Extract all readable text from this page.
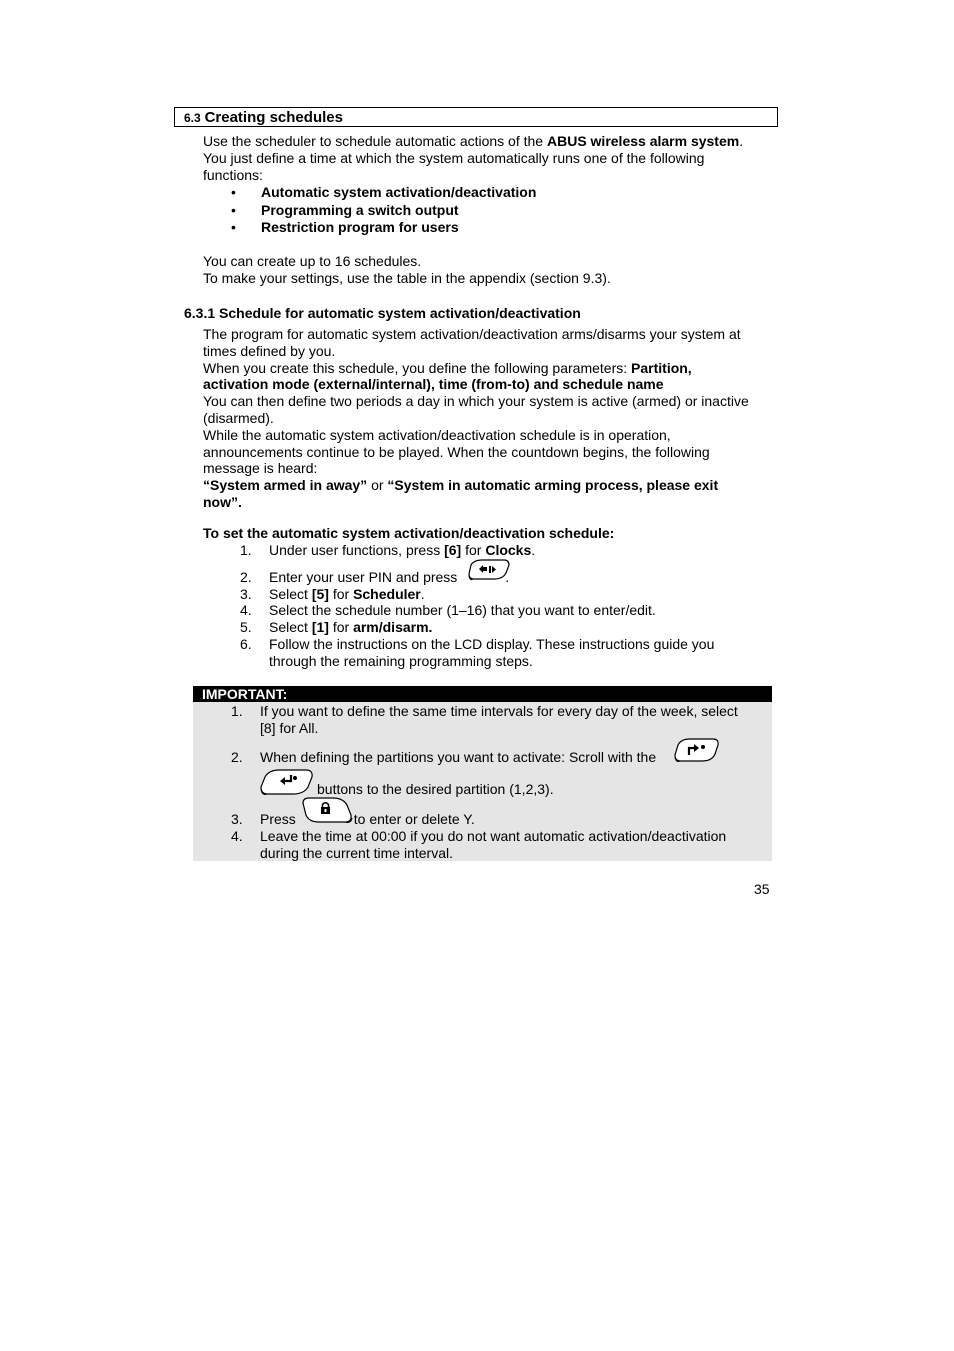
6.3 Creating schedules
Use the scheduler to schedule automatic actions of the ABUS wireless alarm system.
You just define a time at which the system automatically runs one of the following
functions:
• Automatic system activation/deactivation
• Programming a switch output
• Restriction program for users
You can create up to 16 schedules.
To make your settings, use the table in the appendix (section 9.3).
6.3.1 Schedule for automatic system activation/deactivation
The program for automatic system activation/deactivation arms/disarms your system at
times defined by you.
When you create this schedule, you define the following parameters: Partition,
activation mode (external/internal), time (from-to) and schedule name
You can then define two periods a day in which your system is active (armed) or inactive
(disarmed).
While the automatic system activation/deactivation schedule is in operation,
announcements continue to be played. When the countdown begins, the following
message is heard:
“System armed in away” or “System in automatic arming process, please exit
now”.
To set the automatic system activation/deactivation schedule:
1. Under user functions, press [6] for Clocks.
2. Enter your user PIN and press	.
3. Select [5] for Scheduler.
4. Select the schedule number (1–16) that you want to enter/edit.
5. Select [1] for arm/disarm.
6. Follow the instructions on the LCD display. These instructions guide you
through the remaining programming steps.
IMPORTANT:
1. If you want to define the same time intervals for every day of the week, select
[8] for All.
2. When defining the partitions you want to activate: Scroll with the
buttons to the desired partition (1,2,3).
3. Press	to enter or delete Y.
4. Leave the time at 00:00 if you do not want automatic activation/deactivation
during the current time interval.
35
